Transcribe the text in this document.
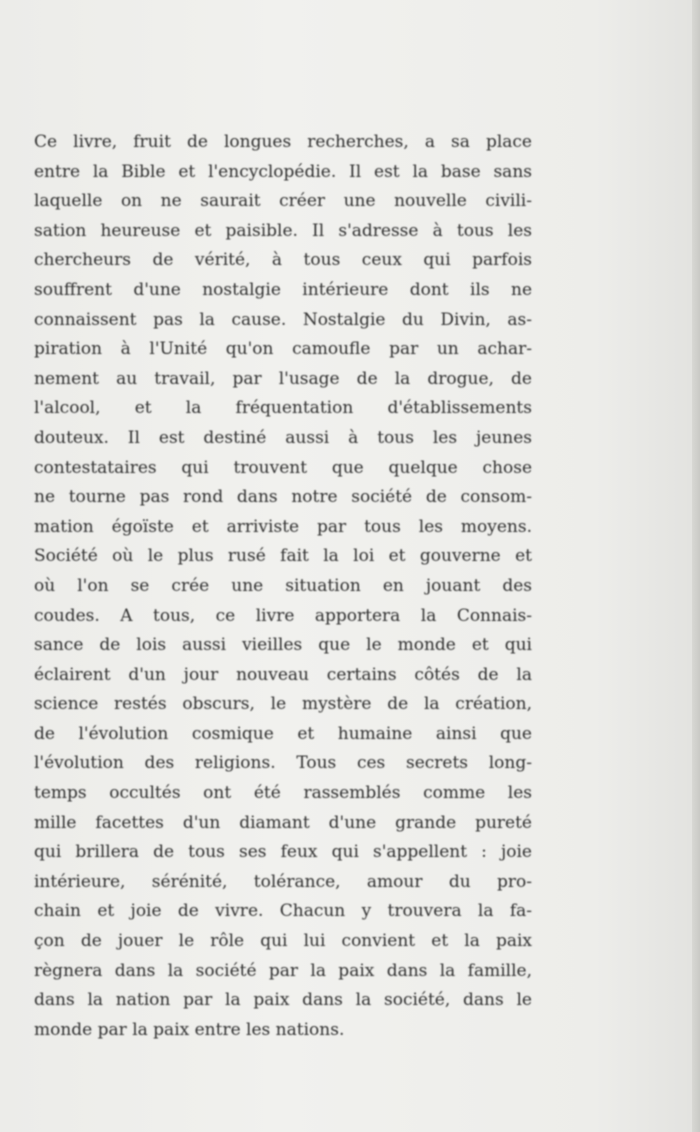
Ce livre, fruit de longues recherches, a sa place
entre la Bible et l'encyclopédie. Il est la base sans
laquelle on ne saurait créer une nouvelle civili-
sation heureuse et paisible. Il s'adresse à tous les
chercheurs de vérité, à tous ceux qui parfois
souffrent d'une nostalgie intérieure dont ils ne
connaissent pas la cause. Nostalgie du Divin, as-
piration à l'Unité qu'on camoufle par un achar-
nement au travail, par l'usage de la drogue, de
l'alcool, et la fréquentation d'établissements
douteux. Il est destiné aussi à tous les jeunes
contestataires qui trouvent que quelque chose
ne tourne pas rond dans notre société de consom-
mation égoïste et arriviste par tous les moyens.
Société où le plus rusé fait la loi et gouverne et
où l'on se crée une situation en jouant des
coudes. A tous, ce livre apportera la Connais-
sance de lois aussi vieilles que le monde et qui
éclairent d'un jour nouveau certains côtés de la
science restés obscurs, le mystère de la création,
de l'évolution cosmique et humaine ainsi que
l'évolution des religions. Tous ces secrets long-
temps occultés ont été rassemblés comme les
mille facettes d'un diamant d'une grande pureté
qui brillera de tous ses feux qui s'appellent : joie
intérieure, sérénité, tolérance, amour du pro-
chain et joie de vivre. Chacun y trouvera la fa-
çon de jouer le rôle qui lui convient et la paix
règnera dans la société par la paix dans la famille,
dans la nation par la paix dans la société, dans le
monde par la paix entre les nations.
